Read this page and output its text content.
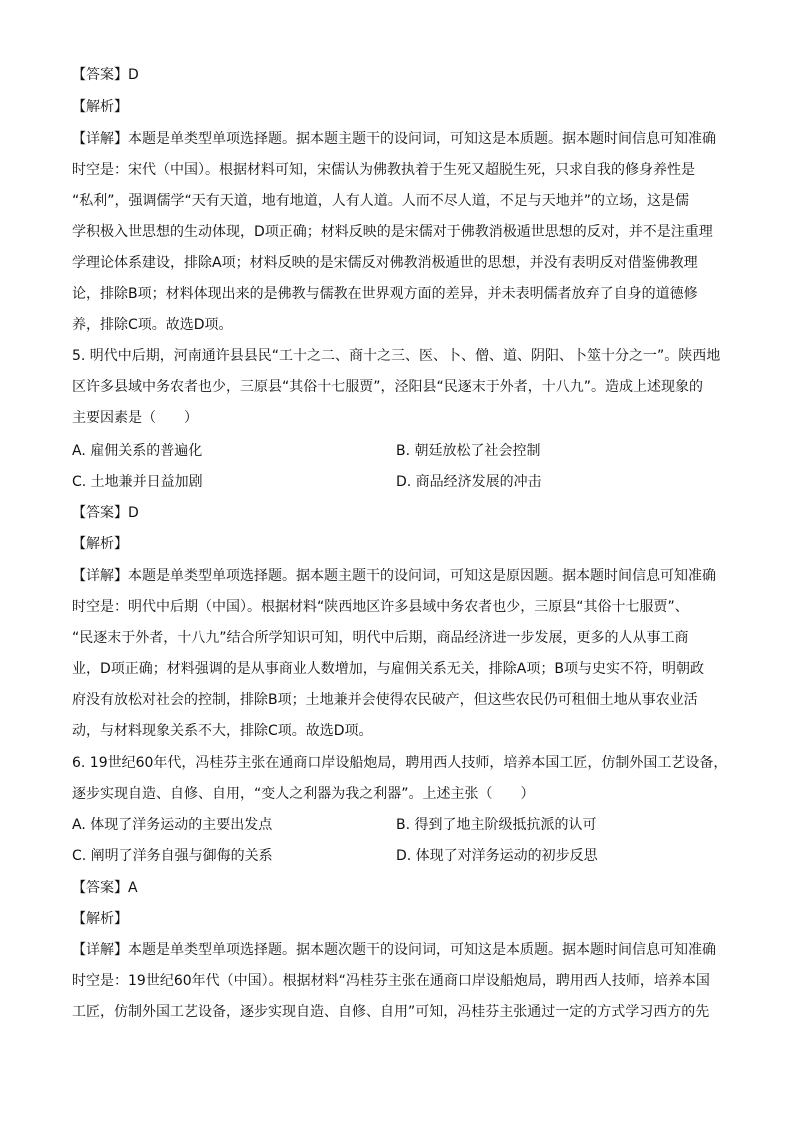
【答案】D
【解析】
【详解】本题是单类型单项选择题。据本题主题干的设问词，可知这是本质题。据本题时间信息可知准确
时空是：宋代（中国）。根据材料可知，宋儒认为佛教执着于生死又超脱生死，只求自我的修身养性是
“私利”，强调儒学“天有天道，地有地道，人有人道。人而不尽人道，不足与天地并”的立场，这是儒
学积极入世思想的生动体现，D项正确；材料反映的是宋儒对于佛教消极遁世思想的反对，并不是注重理
学理论体系建设，排除A项；材料反映的是宋儒反对佛教消极遁世的思想，并没有表明反对借鉴佛教理
论，排除B项；材料体现出来的是佛教与儒教在世界观方面的差异，并未表明儒者放弃了自身的道德修
养，排除C项。故选D项。
5. 明代中后期，河南通许县县民“工十之二、商十之三、医、卜、僧、道、阴阳、卜筮十分之一”。陕西地
区许多县域中务农者也少，三原县“其俗十七服贾”，泾阳县“民逐末于外者，十八九”。造成上述现象的
主要因素是（　　）
A. 雇佣关系的普遍化	B. 朝廷放松了社会控制
C. 土地兼并日益加剧	D. 商品经济发展的冲击
【答案】D
【解析】
【详解】本题是单类型单项选择题。据本题主题干的设问词，可知这是原因题。据本题时间信息可知准确
时空是：明代中后期（中国）。根据材料“陕西地区许多县域中务农者也少，三原县“其俗十七服贾”、
“民逐末于外者，十八九”结合所学知识可知，明代中后期，商品经济进一步发展，更多的人从事工商
业，D项正确；材料强调的是从事商业人数增加，与雇佣关系无关，排除A项；B项与史实不符，明朝政
府没有放松对社会的控制，排除B项；土地兼并会使得农民破产，但这些农民仍可租佃土地从事农业活
动，与材料现象关系不大，排除C项。故选D项。
6. 19世纪60年代，冯桂芬主张在通商口岸设船炮局，聘用西人技师，培养本国工匠，仿制外国工艺设备，
逐步实现自造、自修、自用，“变人之利器为我之利器”。上述主张（　　）
A. 体现了洋务运动的主要出发点	B. 得到了地主阶级抵抗派的认可
C. 阐明了洋务自强与御侮的关系	D. 体现了对洋务运动的初步反思
【答案】A
【解析】
【详解】本题是单类型单项选择题。据本题次题干的设问词，可知这是本质题。据本题时间信息可知准确
时空是：19世纪60年代（中国）。根据材料“冯桂芬主张在通商口岸设船炮局，聘用西人技师，培养本国
工匠，仿制外国工艺设备，逐步实现自造、自修、自用”可知，冯桂芬主张通过一定的方式学习西方的先
